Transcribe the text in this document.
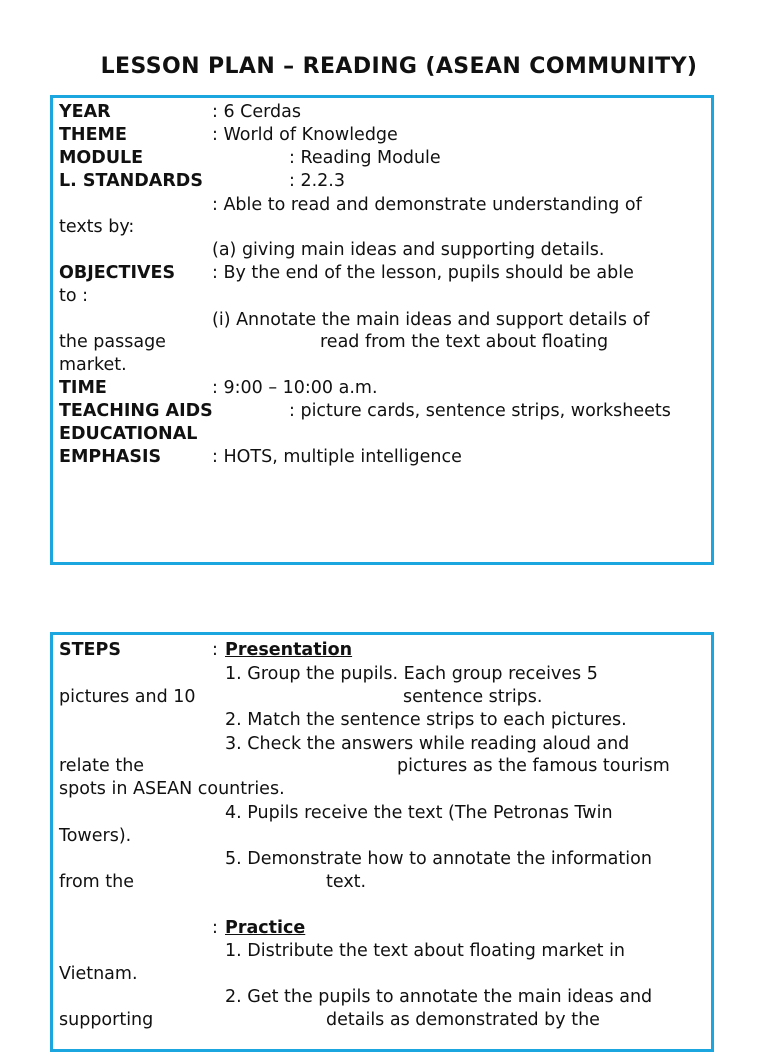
LESSON PLAN – READING (ASEAN COMMUNITY)
YEAR	: 6 Cerdas
THEME	: World of Knowledge
MODULE	: Reading Module
L. STANDARDS	: 2.2.3
: Able to read and demonstrate understanding of
texts by:
(a) giving main ideas and supporting details.
OBJECTIVES : By the end of the lesson, pupils should be able
to :
(i) Annotate the main ideas and support details of
the passage	read from the text about floating
market.
TIME	: 9:00 – 10:00 a.m.
TEACHING AIDS	: picture cards, sentence strips, worksheets
EDUCATIONAL
EMPHASIS	: HOTS, multiple intelligence
STEPS	: Presentation
1. Group the pupils. Each group receives 5
pictures and 10	sentence strips.
2. Match the sentence strips to each pictures.
3. Check the answers while reading aloud and
relate the	pictures as the famous tourism
spots in ASEAN countries.
4. Pupils receive the text (The Petronas Twin
Towers).
5. Demonstrate how to annotate the information
from the	text.
: Practice
1. Distribute the text about floating market in
Vietnam.
2. Get the pupils to annotate the main ideas and
supporting	details as demonstrated by the
